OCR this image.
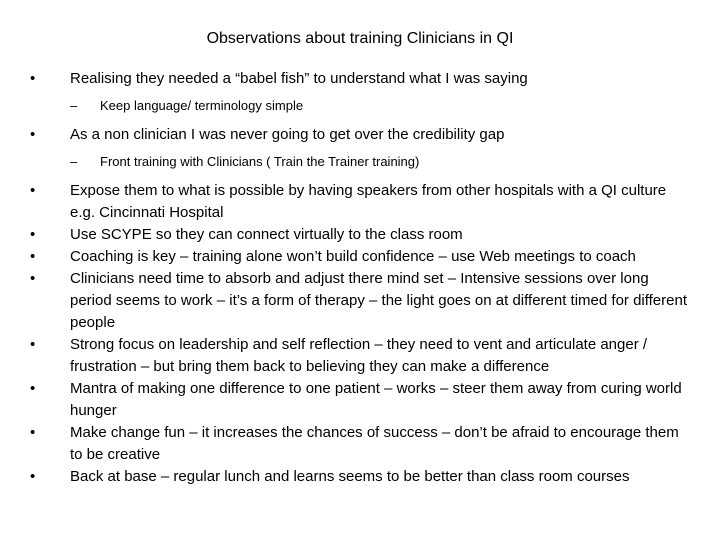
Observations about training Clinicians in QI
•	Realising they needed a “babel fish” to understand what I was saying
– Keep language/ terminology simple
•	As a non clinician I was never going to get over the credibility gap
– Front training with Clinicians ( Train the Trainer training)
•	Expose them to what is possible by having speakers from other hospitals with a QI culture e.g. Cincinnati Hospital
•	Use SCYPE so they can connect virtually to the class room
•	Coaching is key – training alone won’t build confidence – use Web meetings to coach
•	Clinicians need time to absorb and adjust there mind set – Intensive sessions over long period seems to work – it’s a form of therapy – the light goes on at different timed for different people
•	Strong focus on leadership and self reflection – they need to vent and articulate anger / frustration – but bring them back to believing they can make a difference
•	Mantra of making one difference to one patient – works – steer them away from curing world hunger
•	Make change fun – it increases the chances of success – don’t be afraid to encourage them to be creative
•	Back at base – regular lunch and learns seems to be better than class room courses
